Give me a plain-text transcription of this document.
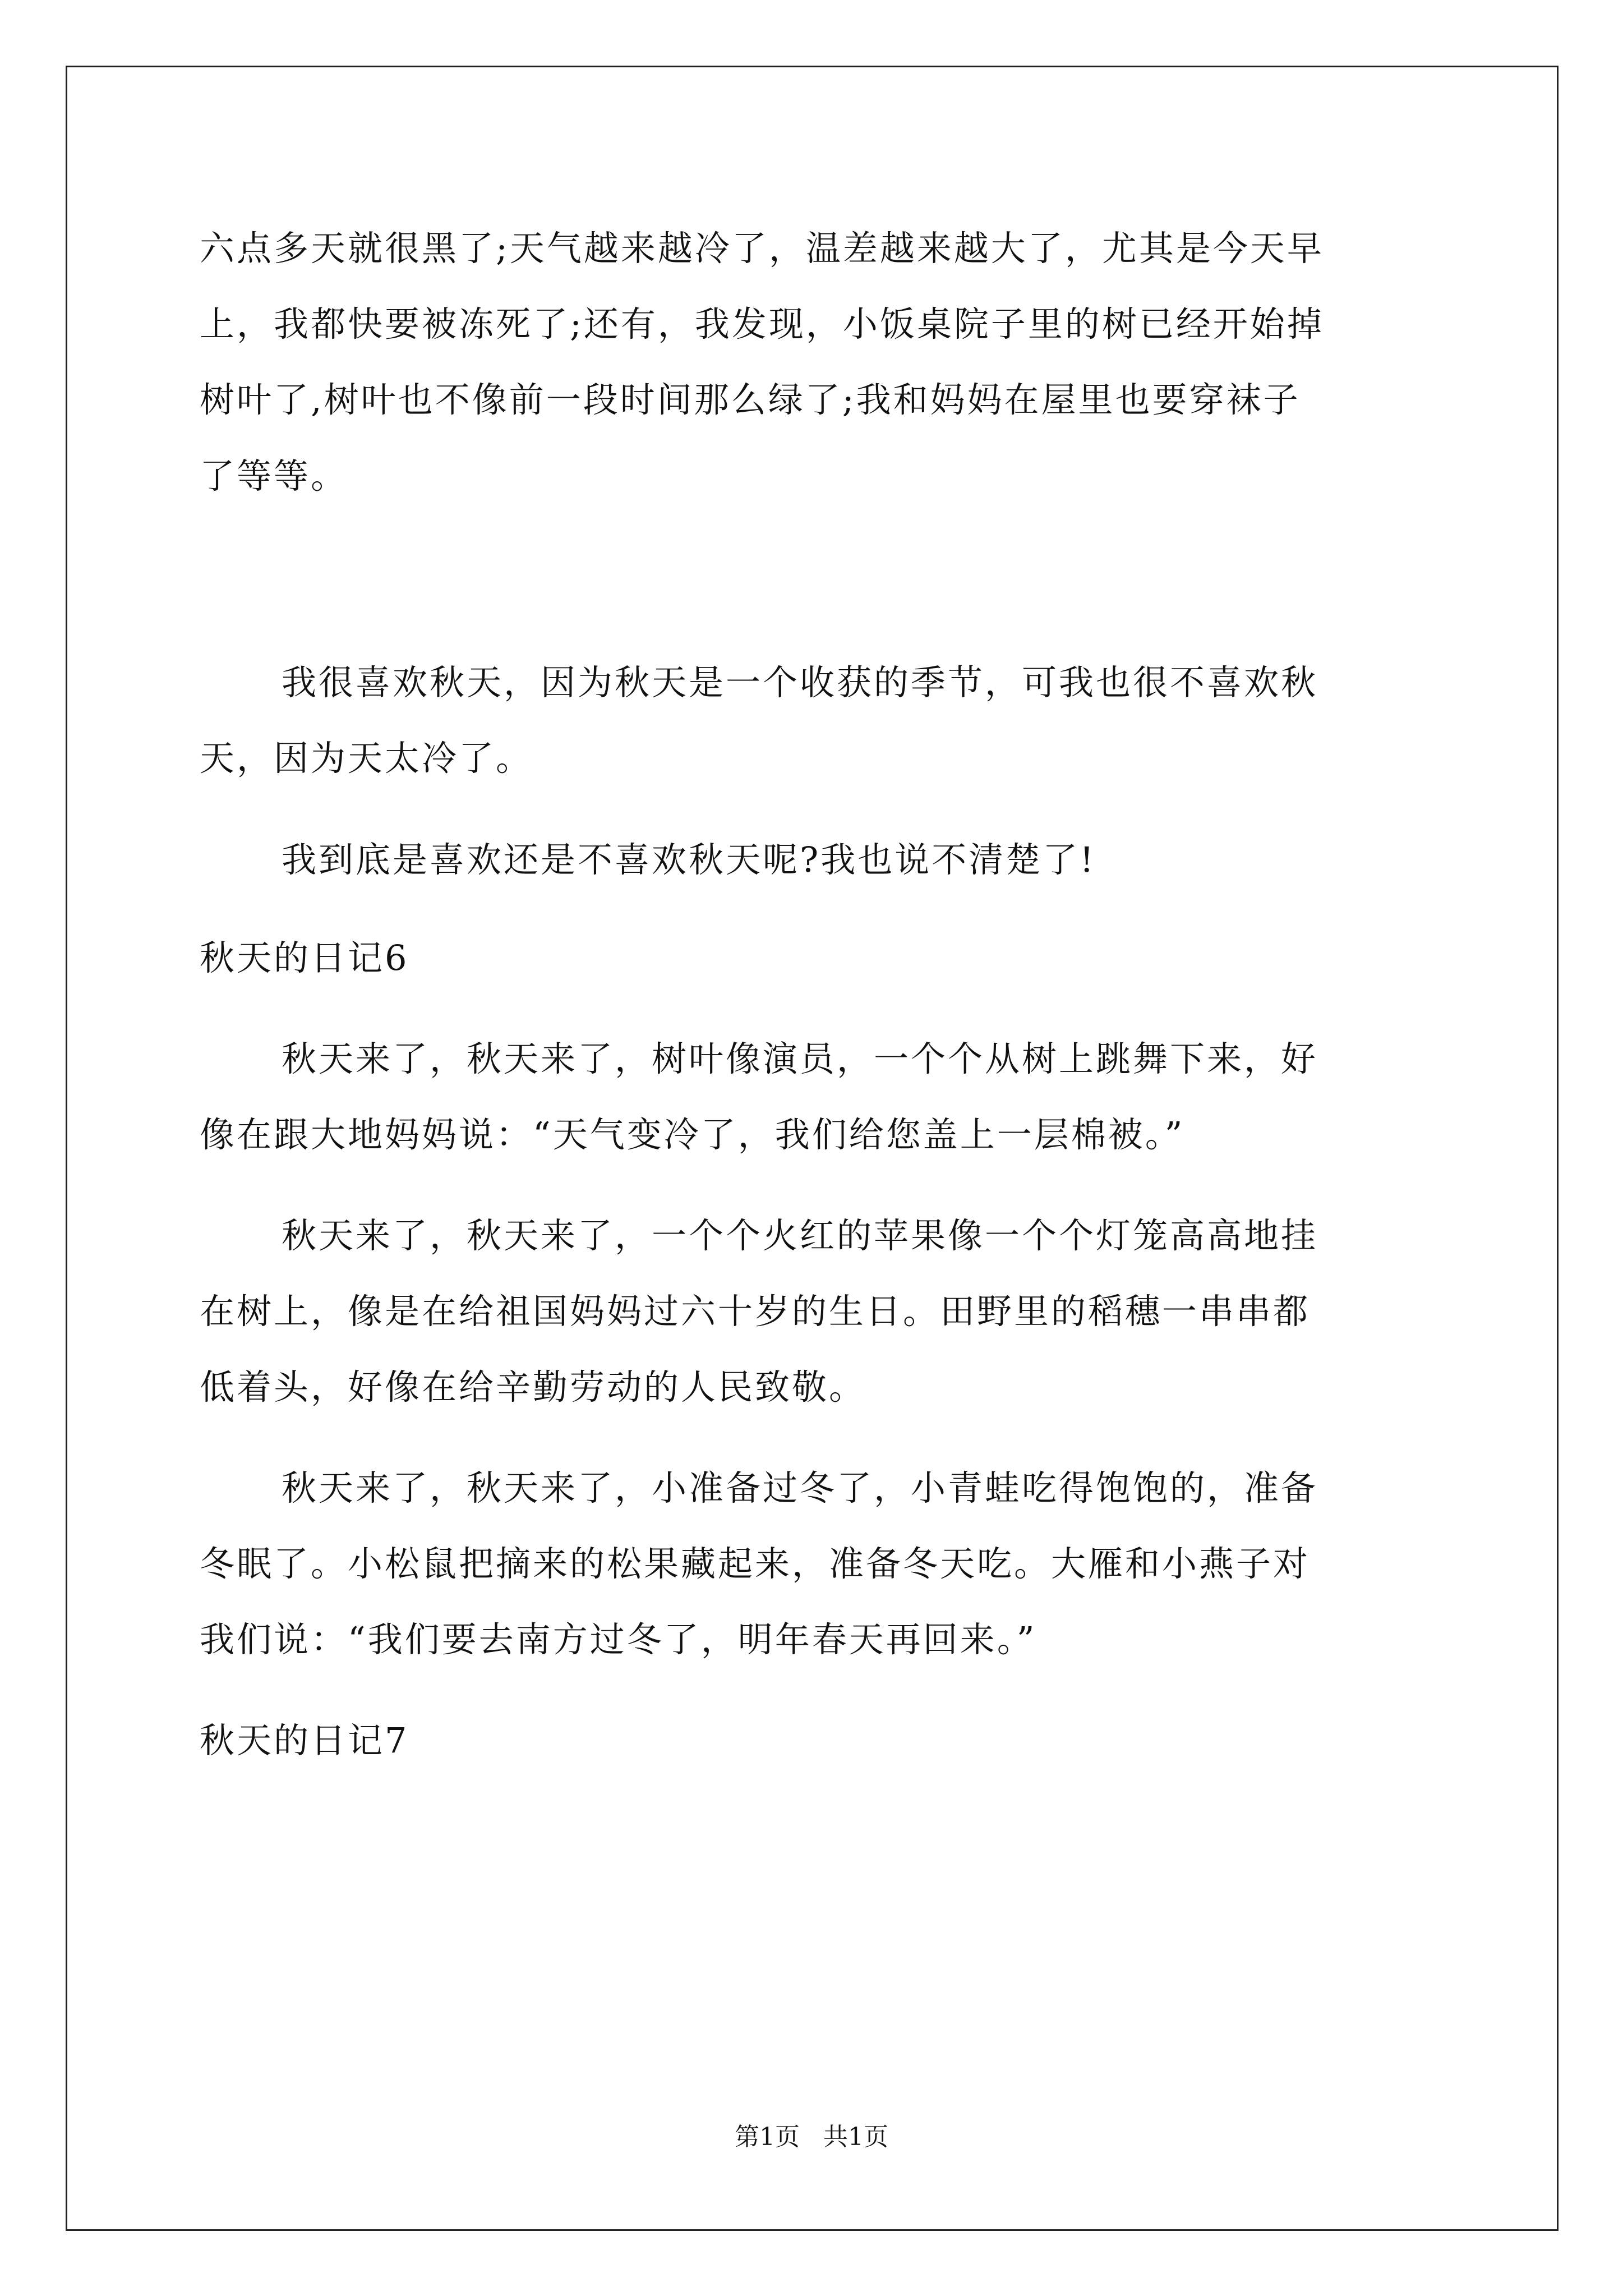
六点多天就很黑了;天气越来越冷了，温差越来越大了，尤其是今天早
上，我都快要被冻死了;还有，我发现，小饭桌院子里的树已经开始掉
树叶了,树叶也不像前一段时间那么绿了;我和妈妈在屋里也要穿袜子
了等等。
我很喜欢秋天，因为秋天是一个收获的季节，可我也很不喜欢秋
天，因为天太冷了。
我到底是喜欢还是不喜欢秋天呢?我也说不清楚了!
秋天的日记6
秋天来了，秋天来了，树叶像演员，一个个从树上跳舞下来，好
像在跟大地妈妈说：“天气变冷了，我们给您盖上一层棉被。”
秋天来了，秋天来了，一个个火红的苹果像一个个灯笼高高地挂
在树上，像是在给祖国妈妈过六十岁的生日。田野里的稻穗一串串都
低着头，好像在给辛勤劳动的人民致敬。
秋天来了，秋天来了，小准备过冬了，小青蛙吃得饱饱的，准备
冬眠了。小松鼠把摘来的松果藏起来，准备冬天吃。大雁和小燕子对
我们说：“我们要去南方过冬了，明年春天再回来。”
秋天的日记7
第1页   共1页
